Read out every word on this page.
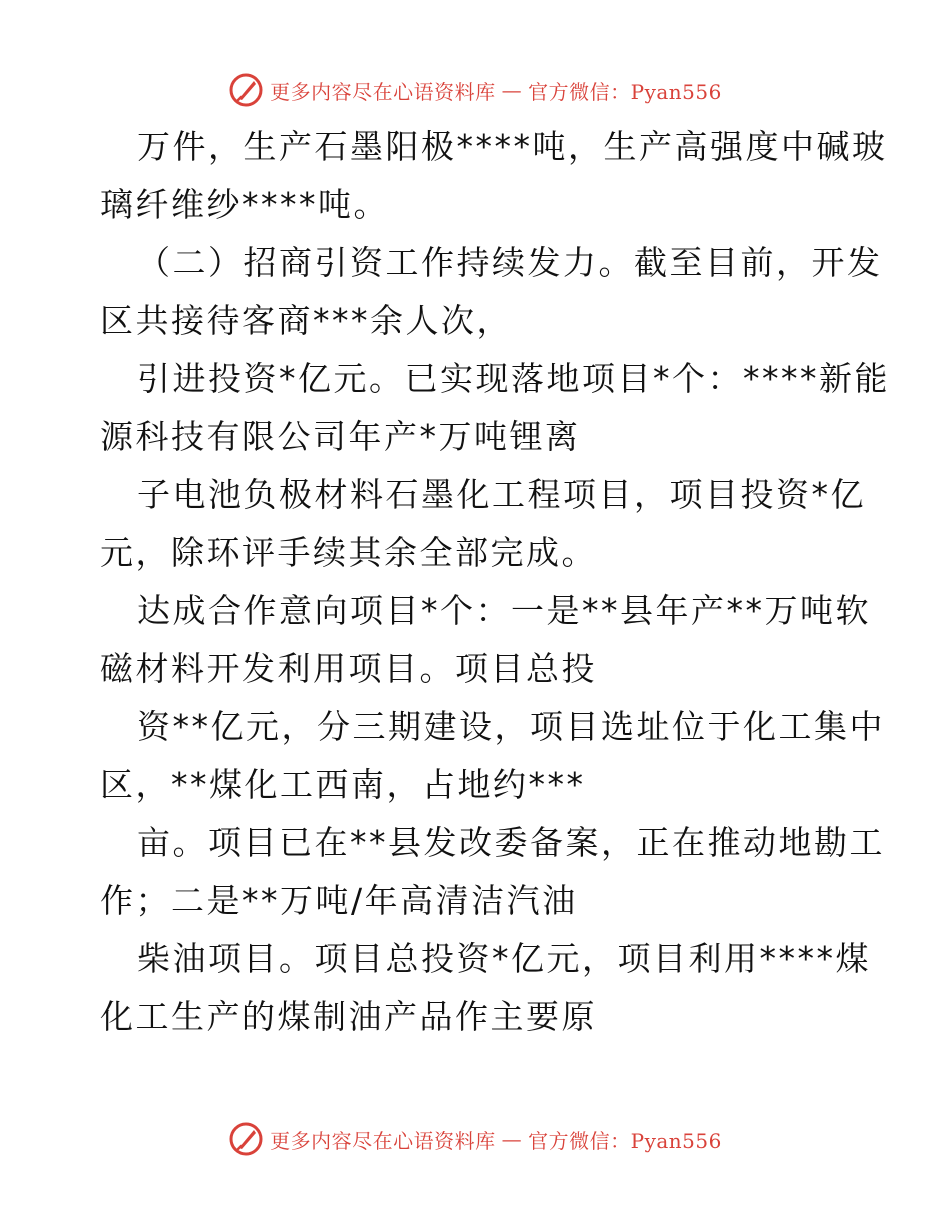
更多内容尽在心语资料库 — 官方微信：Pyan556

万件，生产石墨阳极****吨，生产高强度中碱玻

璃纤维纱****吨。

（二）招商引资工作持续发力。截至目前，开发

区共接待客商***余人次，

引进投资*亿元。已实现落地项目*个：****新能

源科技有限公司年产*万吨锂离

子电池负极材料石墨化工程项目，项目投资*亿

元，除环评手续其余全部完成。

达成合作意向项目*个：一是**县年产**万吨软

磁材料开发利用项目。项目总投

资**亿元，分三期建设，项目选址位于化工集中

区，**煤化工西南，占地约***

亩。项目已在**县发改委备案，正在推动地勘工

作；二是**万吨/年高清洁汽油

柴油项目。项目总投资*亿元，项目利用****煤

化工生产的煤制油产品作主要原

更多内容尽在心语资料库 — 官方微信：Pyan556
